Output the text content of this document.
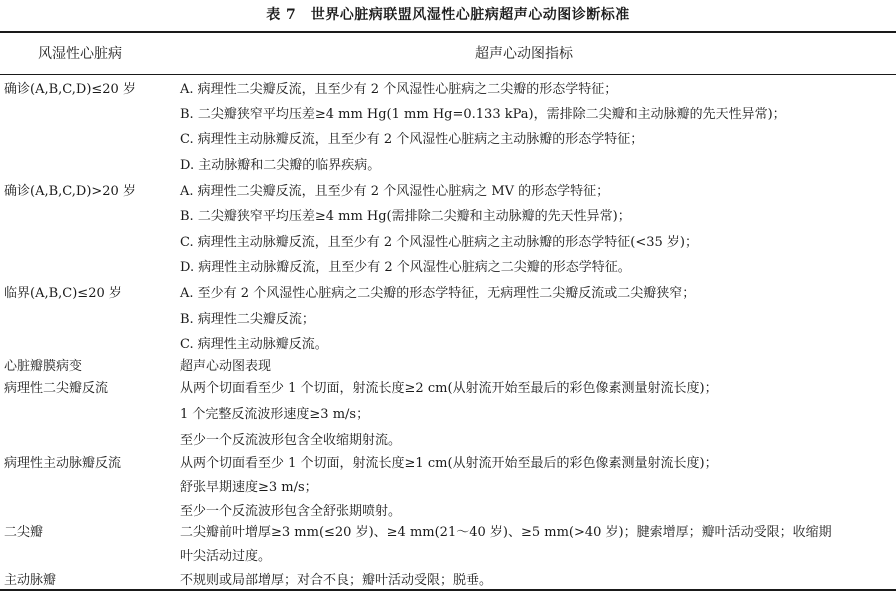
表 7　世界心脏病联盟风湿性心脏病超声心动图诊断标准
风湿性心脏病	超声心动图指标
确诊(A,B,C,D)≤20 岁	A. 病理性二尖瓣反流，且至少有 2 个风湿性心脏病之二尖瓣的形态学特征；
B. 二尖瓣狭窄平均压差≥4 mm Hg(1 mm Hg=0.133 kPa)，需排除二尖瓣和主动脉瓣的先天性异常)；
C. 病理性主动脉瓣反流，且至少有 2 个风湿性心脏病之主动脉瓣的形态学特征；
D. 主动脉瓣和二尖瓣的临界疾病。
确诊(A,B,C,D)>20 岁	A. 病理性二尖瓣反流，且至少有 2 个风湿性心脏病之 MV 的形态学特征；
B. 二尖瓣狭窄平均压差≥4 mm Hg(需排除二尖瓣和主动脉瓣的先天性异常)；
C. 病理性主动脉瓣反流，且至少有 2 个风湿性心脏病之主动脉瓣的形态学特征(<35 岁)；
D. 病理性主动脉瓣反流，且至少有 2 个风湿性心脏病之二尖瓣的形态学特征。
临界(A,B,C)≤20 岁	A. 至少有 2 个风湿性心脏病之二尖瓣的形态学特征，无病理性二尖瓣反流或二尖瓣狭窄；
B. 病理性二尖瓣反流；
C. 病理性主动脉瓣反流。
心脏瓣膜病变	超声心动图表现
病理性二尖瓣反流	从两个切面看至少 1 个切面，射流长度≥2 cm(从射流开始至最后的彩色像素测量射流长度)；
1 个完整反流波形速度≥3 m/s；
至少一个反流波形包含全收缩期射流。
病理性主动脉瓣反流	从两个切面看至少 1 个切面，射流长度≥1 cm(从射流开始至最后的彩色像素测量射流长度)；
舒张早期速度≥3 m/s；
至少一个反流波形包含全舒张期喷射。
二尖瓣	二尖瓣前叶增厚≥3 mm(≤20 岁)、≥4 mm(21～40 岁)、≥5 mm(>40 岁)；腱索增厚；瓣叶活动受限；收缩期
叶尖活动过度。
主动脉瓣	不规则或局部增厚；对合不良；瓣叶活动受限；脱垂。
